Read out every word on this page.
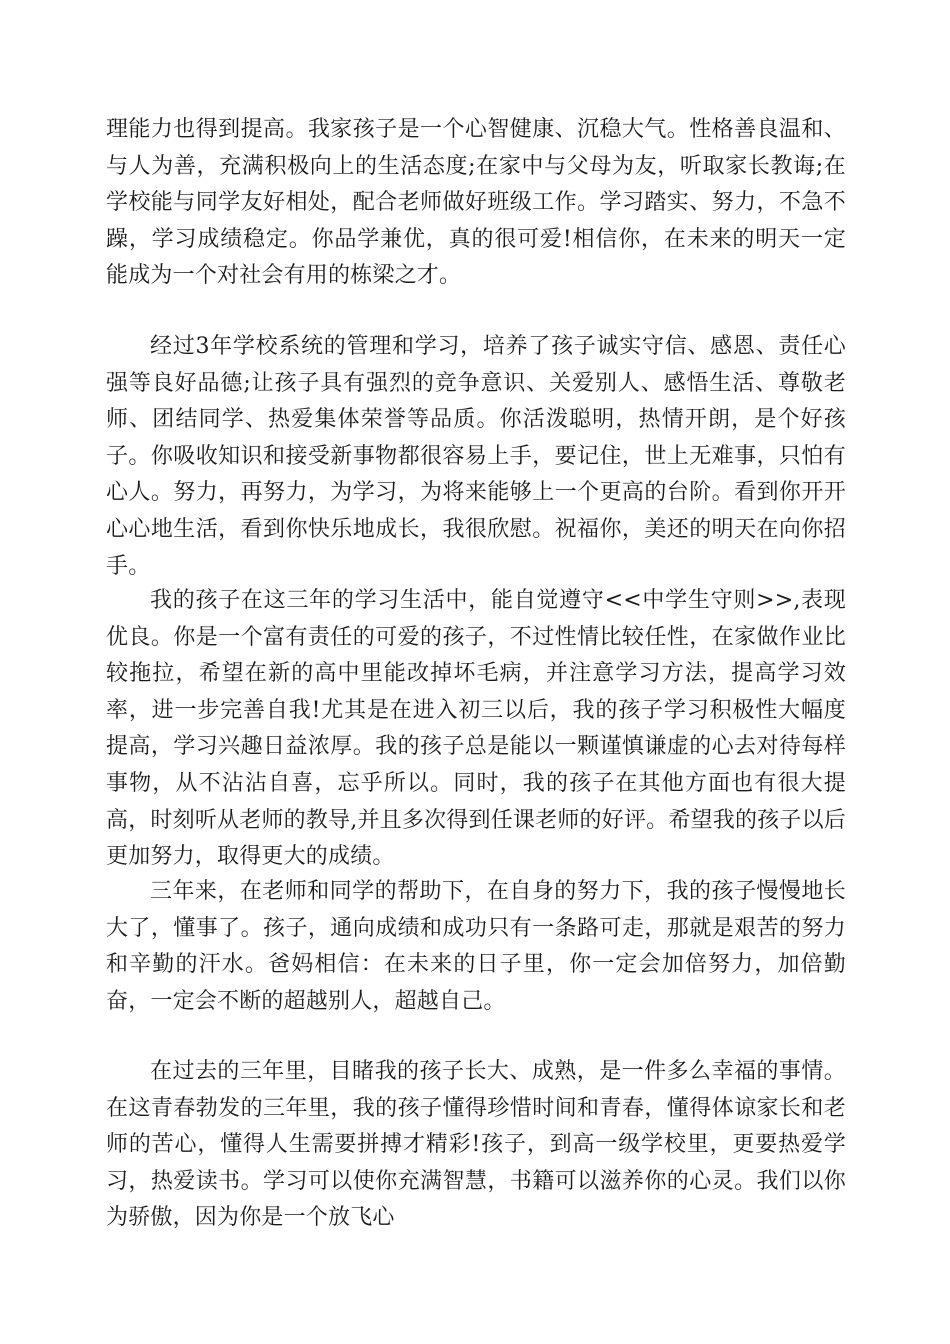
理能力也得到提高。我家孩子是一个心智健康、沉稳大气。性格善良温和、与人为善，充满积极向上的生活态度;在家中与父母为友，听取家长教诲;在学校能与同学友好相处，配合老师做好班级工作。学习踏实、努力，不急不躁，学习成绩稳定。你品学兼优，真的很可爱!相信你，在未来的明天一定能成为一个对社会有用的栋梁之才。

经过3年学校系统的管理和学习，培养了孩子诚实守信、感恩、责任心强等良好品德;让孩子具有强烈的竞争意识、关爱别人、感悟生活、尊敬老师、团结同学、热爱集体荣誉等品质。你活泼聪明，热情开朗，是个好孩子。你吸收知识和接受新事物都很容易上手，要记住，世上无难事，只怕有心人。努力，再努力，为学习，为将来能够上一个更高的台阶。看到你开开心心地生活，看到你快乐地成长，我很欣慰。祝福你，美还的明天在向你招手。

我的孩子在这三年的学习生活中，能自觉遵守<<中学生守则>>,表现优良。你是一个富有责任的可爱的孩子，不过性情比较任性，在家做作业比较拖拉，希望在新的高中里能改掉坏毛病，并注意学习方法，提高学习效率，进一步完善自我!尤其是在进入初三以后，我的孩子学习积极性大幅度提高，学习兴趣日益浓厚。我的孩子总是能以一颗谨慎谦虚的心去对待每样事物，从不沾沾自喜，忘乎所以。同时，我的孩子在其他方面也有很大提高，时刻听从老师的教导,并且多次得到任课老师的好评。希望我的孩子以后更加努力，取得更大的成绩。

三年来，在老师和同学的帮助下，在自身的努力下，我的孩子慢慢地长大了，懂事了。孩子，通向成绩和成功只有一条路可走，那就是艰苦的努力和辛勤的汗水。爸妈相信：在未来的日子里，你一定会加倍努力，加倍勤奋，一定会不断的超越别人，超越自己。

在过去的三年里，目睹我的孩子长大、成熟，是一件多么幸福的事情。在这青春勃发的三年里，我的孩子懂得珍惜时间和青春，懂得体谅家长和老师的苦心，懂得人生需要拼搏才精彩!孩子，到高一级学校里，更要热爱学习，热爱读书。学习可以使你充满智慧，书籍可以滋养你的心灵。我们以你为骄傲，因为你是一个放飞心
